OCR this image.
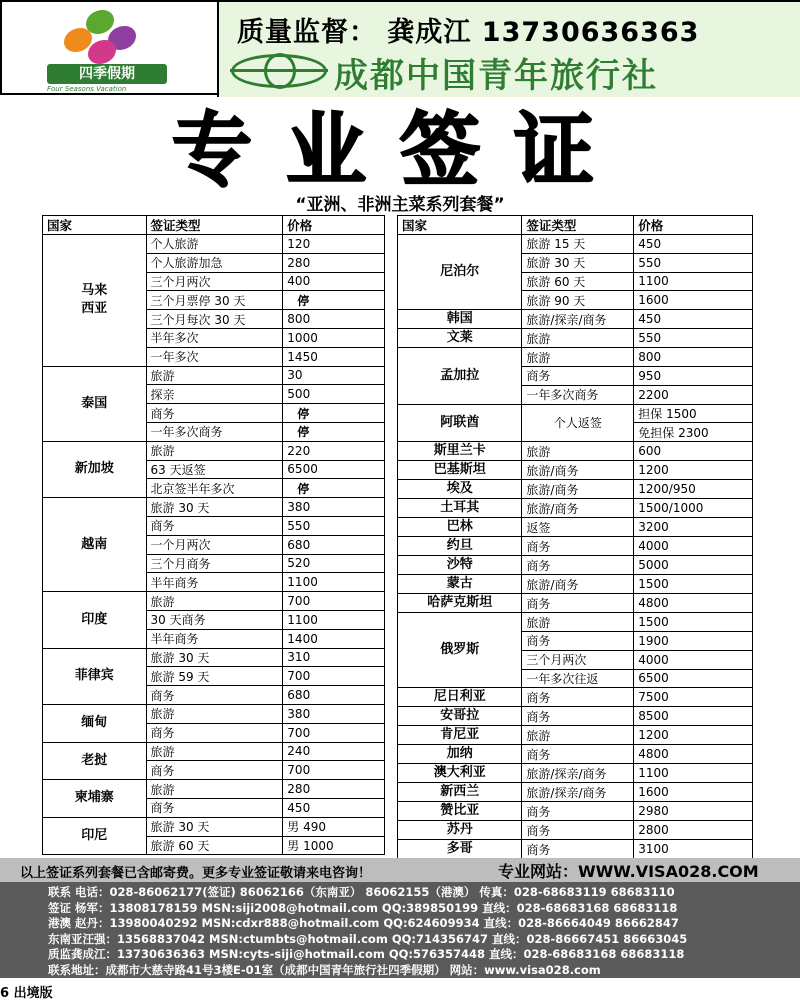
四季假期
Four Seasons Vacation
质量监督： 龚成江 13730636363
成都中国青年旅行社
专业签证
“亚洲、非洲主菜系列套餐”
国家	签证类型	价格
马来
西亚	个人旅游	120
	个人旅游加急	280
	三个月两次	400
	三个月票停 30 天	停
	三个月每次 30 天	800
	半年多次	1000
	一年多次	1450
泰国	旅游	30
	探亲	500
	商务	停
	一年多次商务	停
新加坡	旅游	220
	63 天返签	6500
	北京签半年多次	停
越南	旅游 30 天	380
	商务	550
	一个月两次	680
	三个月商务	520
	半年商务	1100
印度	旅游	700
	30 天商务	1100
	半年商务	1400
菲律宾	旅游 30 天	310
	旅游 59 天	700
	商务	680
缅甸	旅游	380
	商务	700
老挝	旅游	240
	商务	700
柬埔寨	旅游	280
	商务	450
印尼	旅游 30 天	男 490
	旅游 60 天	男 1000
国家	签证类型	价格
尼泊尔	旅游 15 天	450
	旅游 30 天	550
	旅游 60 天	1100
	旅游 90 天	1600
韩国	旅游/探亲/商务	450
文莱	旅游	550
孟加拉	旅游	800
	商务	950
	一年多次商务	2200
阿联酋	个人返签	担保 1500
		免担保 2300
斯里兰卡	旅游	600
巴基斯坦	旅游/商务	1200
埃及	旅游/商务	1200/950
土耳其	旅游/商务	1500/1000
巴林	返签	3200
约旦	商务	4000
沙特	商务	5000
蒙古	旅游/商务	1500
哈萨克斯坦	商务	4800
俄罗斯	旅游	1500
	商务	1900
	三个月两次	4000
	一年多次往返	6500
尼日利亚	商务	7500
安哥拉	商务	8500
肯尼亚	旅游	1200
加纳	商务	4800
澳大利亚	旅游/探亲/商务	1100
新西兰	旅游/探亲/商务	1600
赞比亚	商务	2980
苏丹	商务	2800
多哥	商务	3100
以上签证系列套餐已含邮寄费。更多专业签证敬请来电咨询！	专业网站：WWW.VISA028.COM
联系 电话：028-86062177(签证) 86062166（东南亚） 86062155（港澳） 传真：028-68683119 68683110
签证 杨军：13808178159 MSN:siji2008@hotmail.com QQ:389850199 直线：028-68683168 68683118
港澳 赵丹：13980040292 MSN:cdxr888@hotmail.com QQ:624609934 直线：028-86664049 86662847
东南亚汪强：13568837042 MSN:ctumbts@hotmail.com QQ:714356747 直线：028-86667451 86663045
质监龚成江：13730636363 MSN:cyts-siji@hotmail.com QQ:576357448 直线：028-68683168 68683118
联系地址：成都市大慈寺路41号3楼E-01室（成都中国青年旅行社四季假期） 网站：www.visa028.com
6 出境版
